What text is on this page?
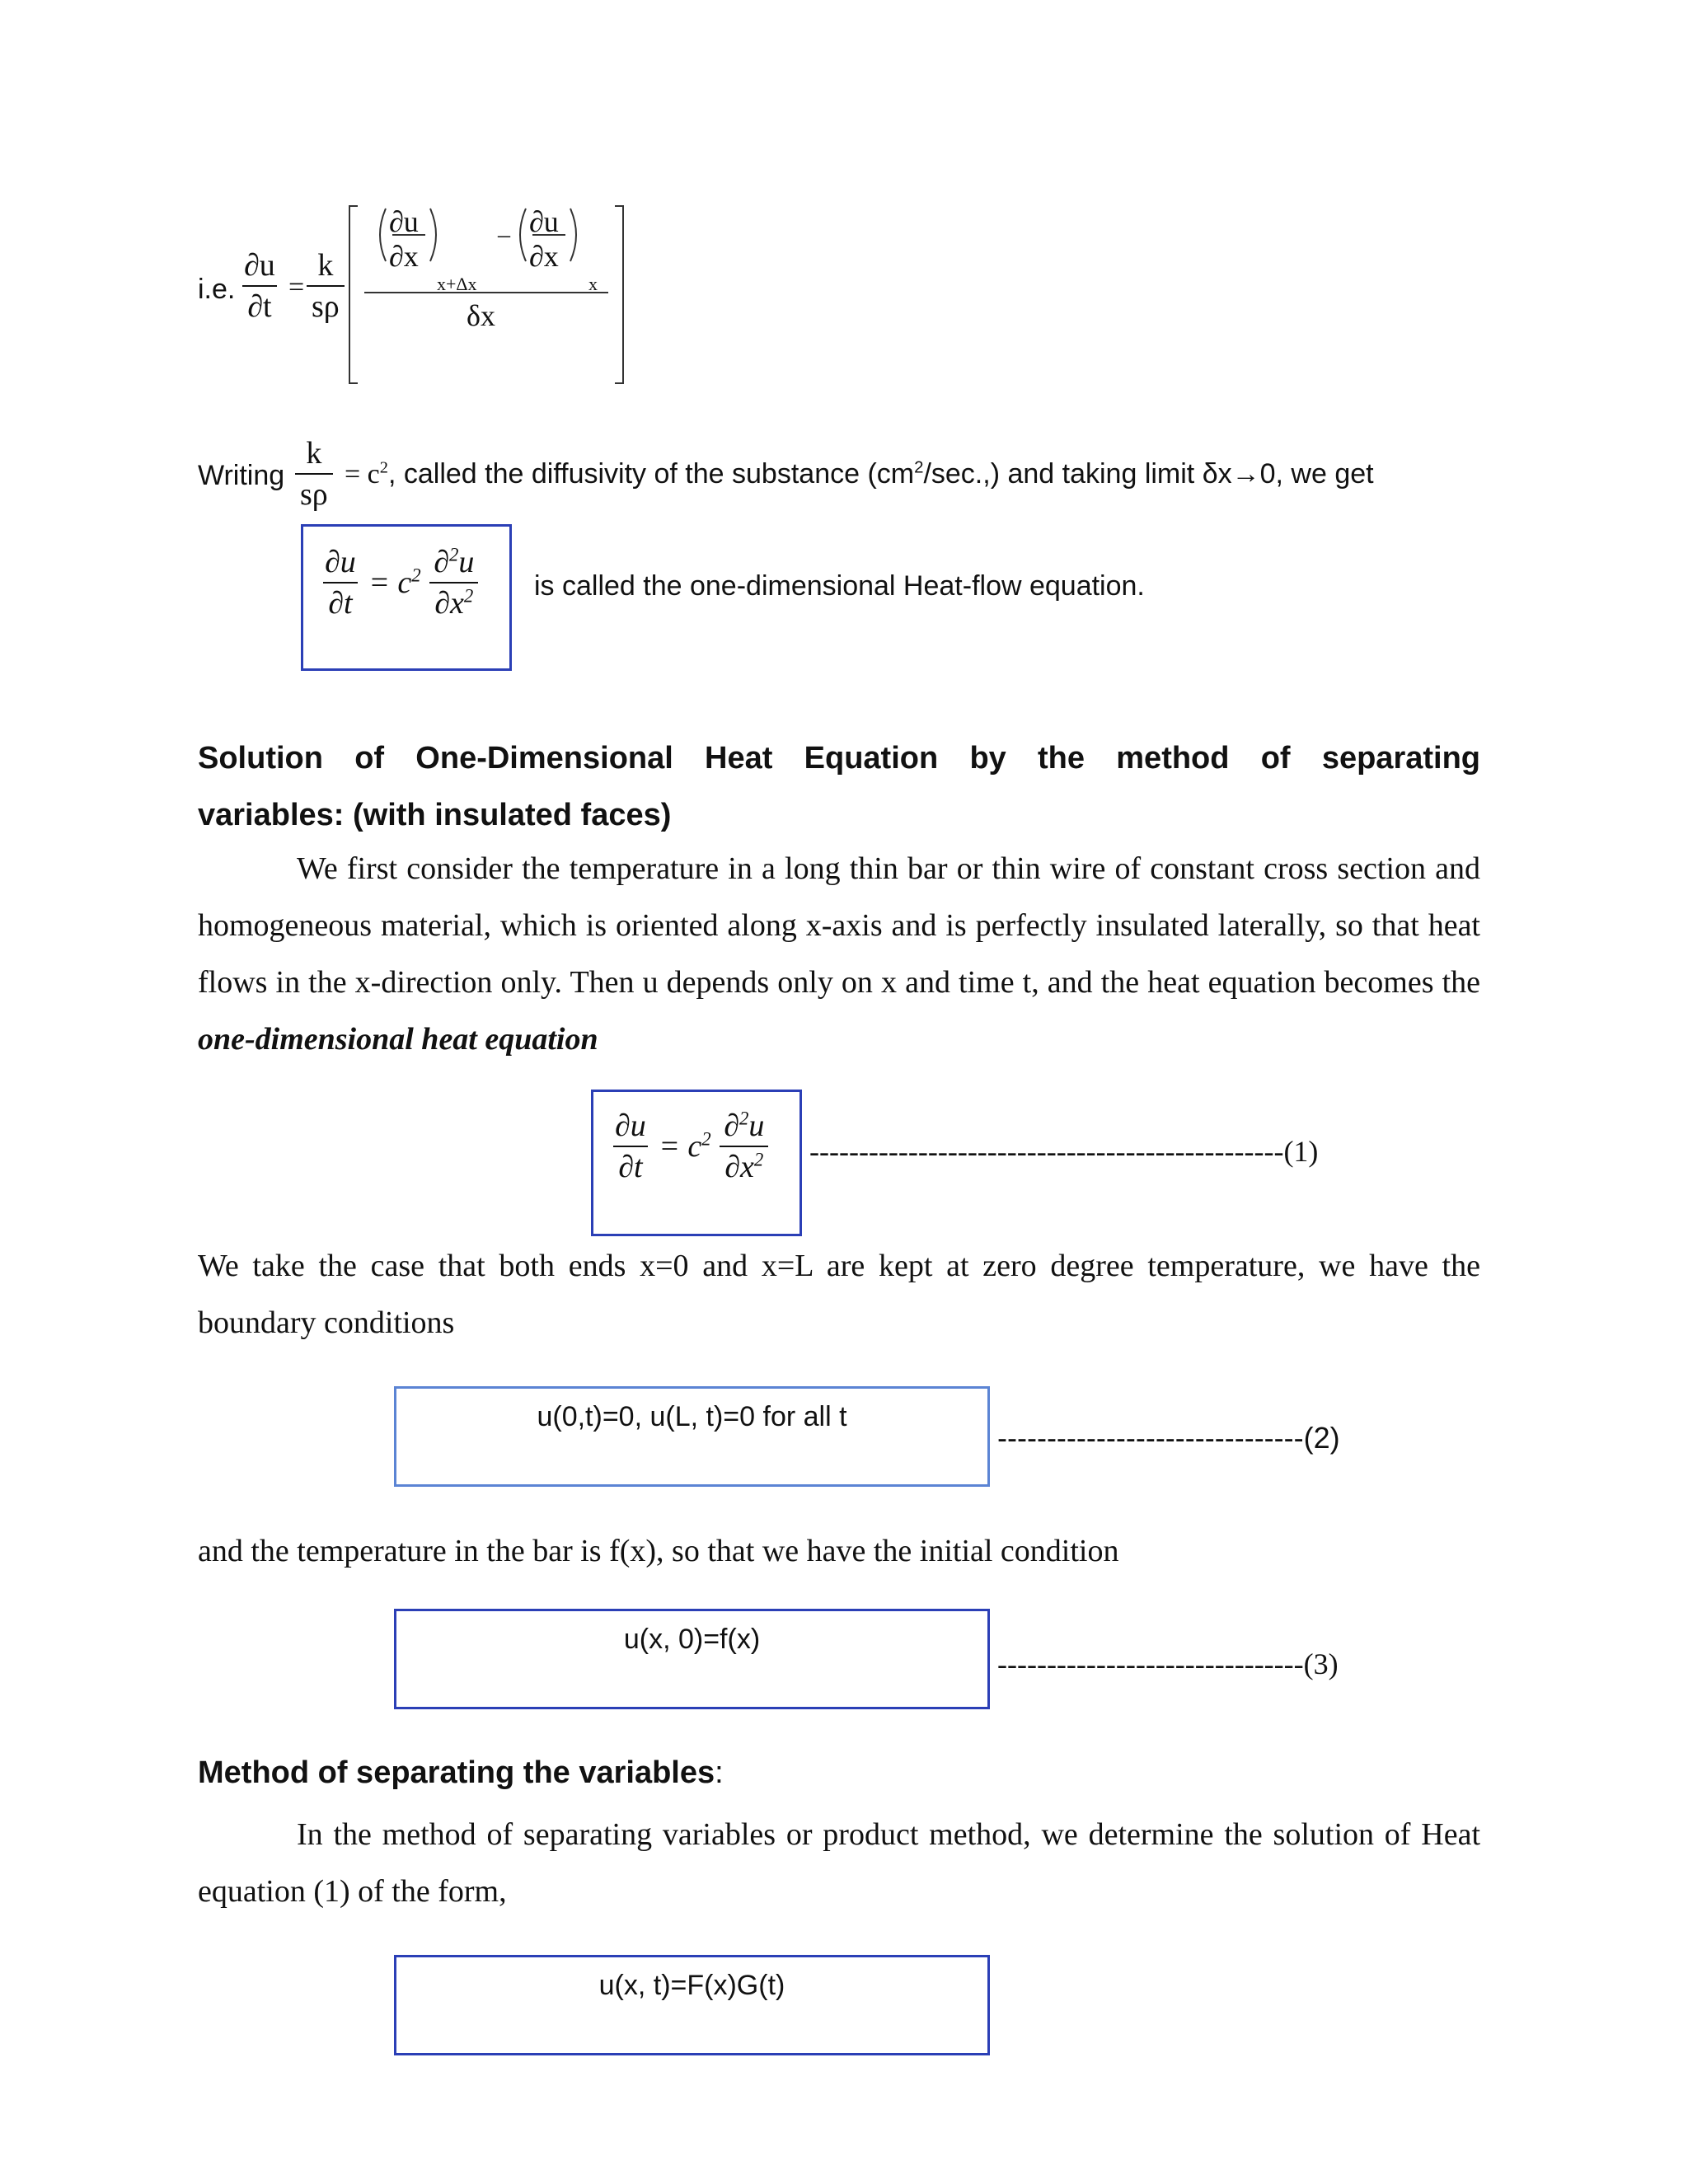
i.e. $\frac{\partial u}{\partial t} = \frac{k}{s\rho}$
∂u
∂x
x+Δx
– ∂u
∂x
x
δx
Writing $\frac{k}{s\rho} = c^2$, called the diffusivity of the substance $(cm^2/\sec.,)$ and taking limit δx→0, we get
$\frac{\partial u}{\partial t} = c^2 \frac{\partial^2u}{\partial x^2}$ is called the one-dimensional Heat-flow equation.
Solution of One-Dimensional Heat Equation by the method of separating
variables: (with insulated faces)
We first consider the temperature in a long thin bar or thin wire of constant cross section and homogeneous material, which is oriented along x-axis and is perfectly insulated laterally, so that heat flows in the x-direction only. Then u depends only on x and time t, and the heat equation becomes the one-dimensional heat equation
$\frac{\partial u}{\partial t} = c^2 \frac{\partial^2u}{\partial x^2} ------------------------------------------------(1)$
We take the case that both ends x=0 and x=L are kept at zero degree temperature, we have the boundary conditions
u(0,t)=0, u(L, t)=0 for all t
-------------------------------(2)
and the temperature in the bar is f(x), so that we have the initial condition
u(x, 0)=f(x)
-------------------------------(3)
Method of separating the variables:
In the method of separating variables or product method, we determine the solution of Heat equation (1) of the form,
u(x, t)=F(x)G(t)
